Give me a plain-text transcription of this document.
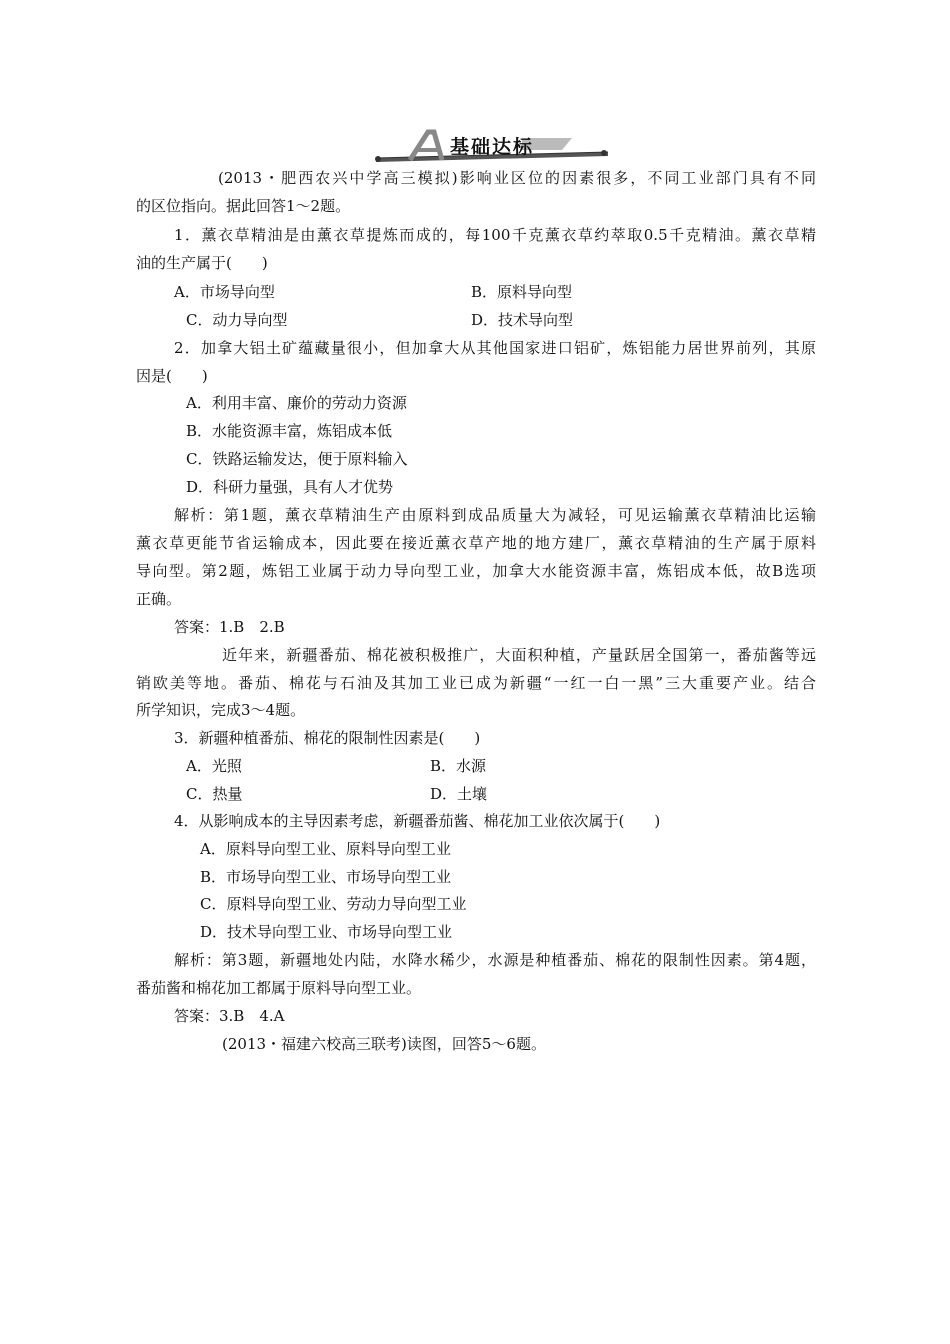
基础达标
(2013・肥西农兴中学高三模拟)影响业区位的因素很多，不同工业部门具有不同
的区位指向。据此回答1～2题。
1．薰衣草精油是由薰衣草提炼而成的，每100千克薰衣草约萃取0.5千克精油。薰衣草精
油的生产属于(　　)
A．市场导向型	B．原料导向型
C．动力导向型	D．技术导向型
2．加拿大铝土矿蕴藏量很小，但加拿大从其他国家进口铝矿，炼铝能力居世界前列，其原
因是(　　)
A．利用丰富、廉价的劳动力资源
B．水能资源丰富，炼铝成本低
C．铁路运输发达，便于原料输入
D．科研力量强，具有人才优势
解析：第1题，薰衣草精油生产由原料到成品质量大为减轻，可见运输薰衣草精油比运输
薰衣草更能节省运输成本，因此要在接近薰衣草产地的地方建厂，薰衣草精油的生产属于原料
导向型。第2题，炼铝工业属于动力导向型工业，加拿大水能资源丰富，炼铝成本低，故B选项
正确。
答案：1.B　2.B
近年来，新疆番茄、棉花被积极推广，大面积种植，产量跃居全国第一，番茄酱等远
销欧美等地。番茄、棉花与石油及其加工业已成为新疆“一红一白一黑”三大重要产业。结合
所学知识，完成3～4题。
3．新疆种植番茄、棉花的限制性因素是(　　)
A．光照	B．水源
C．热量	D．土壤
4．从影响成本的主导因素考虑，新疆番茄酱、棉花加工业依次属于(　　)
A．原料导向型工业、原料导向型工业
B．市场导向型工业、市场导向型工业
C．原料导向型工业、劳动力导向型工业
D．技术导向型工业、市场导向型工业
解析：第3题，新疆地处内陆，水降水稀少，水源是种植番茄、棉花的限制性因素。第4题，
番茄酱和棉花加工都属于原料导向型工业。
答案：3.B　4.A
(2013・福建六校高三联考)读图，回答5～6题。
